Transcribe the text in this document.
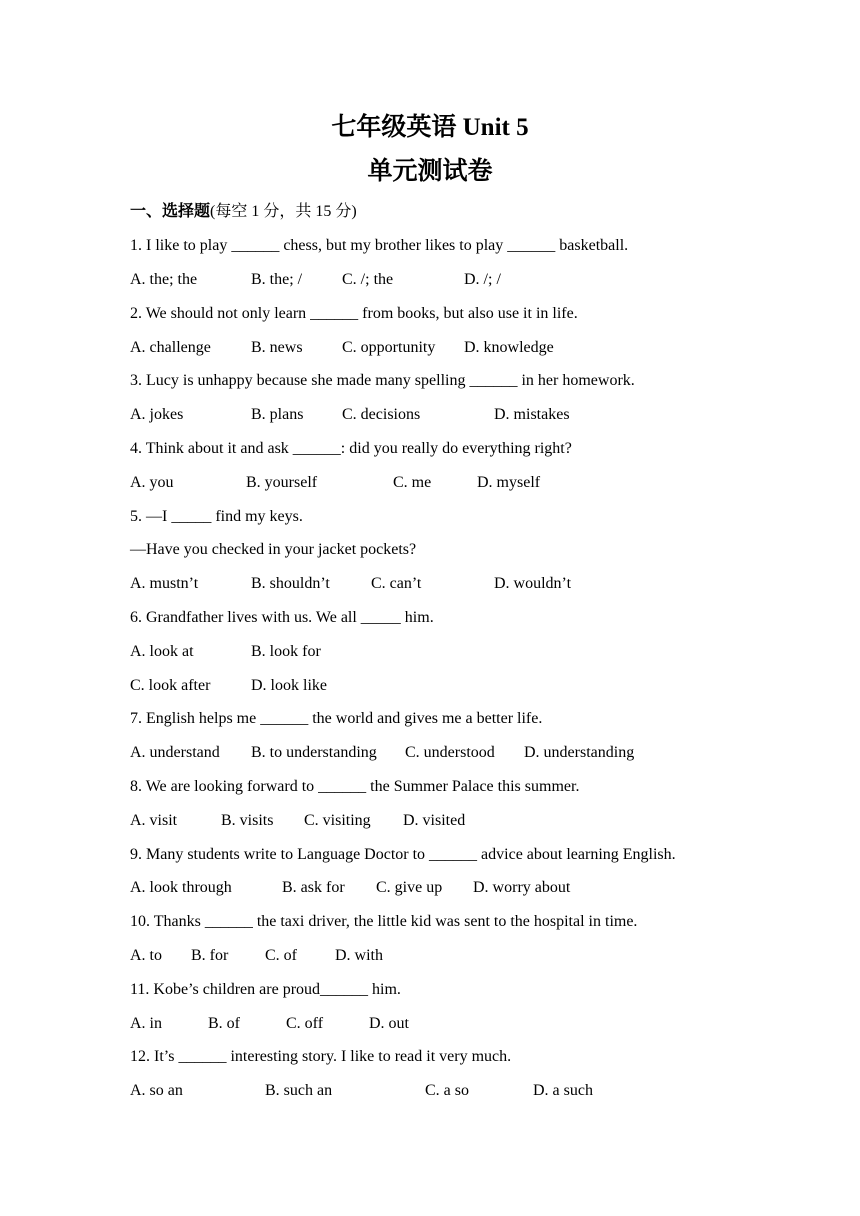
七年级英语 Unit 5
单元测试卷
一、选择题(每空 1 分，共 15 分)
1. I like to play ______ chess, but my brother likes to play ______ basketball.
A. the; the	B. the; / C. /; the	D. /; /
2. We should not only learn ______ from books, but also use it in life.
A. challenge	B. news C. opportunity D. knowledge
3. Lucy is unhappy because she made many spelling ______ in her homework.
A. jokes	B. plans C. decisions	D. mistakes
4. Think about it and ask ______: did you really do everything right?
A. you	B. yourself	C. me	D. myself
5. —I _____ find my keys.
—Have you checked in your jacket pockets?
A. mustn’t	B. shouldn’t	C. can’t	D. wouldn’t
6. Grandfather lives with us. We all _____ him.
A. look at	B. look for
C. look after	D. look like
7. English helps me ______ the world and gives me a better life.
A. understand B. to understanding C. understood D. understanding
8. We are looking forward to ______ the Summer Palace this summer.
A. visit	B. visits C. visiting D. visited
9. Many students write to Language Doctor to ______ advice about learning English.
A. look through	B. ask for C. give up D. worry about
10. Thanks ______ the taxi driver, the little kid was sent to the hospital in time.
A. to B. for C. of D. with
11. Kobe’s children are proud______ him.
A. in	B. of	C. off	D. out
12. It’s ______ interesting story. I like to read it very much.
A. so an	B. such an	C. a so	D. a such
